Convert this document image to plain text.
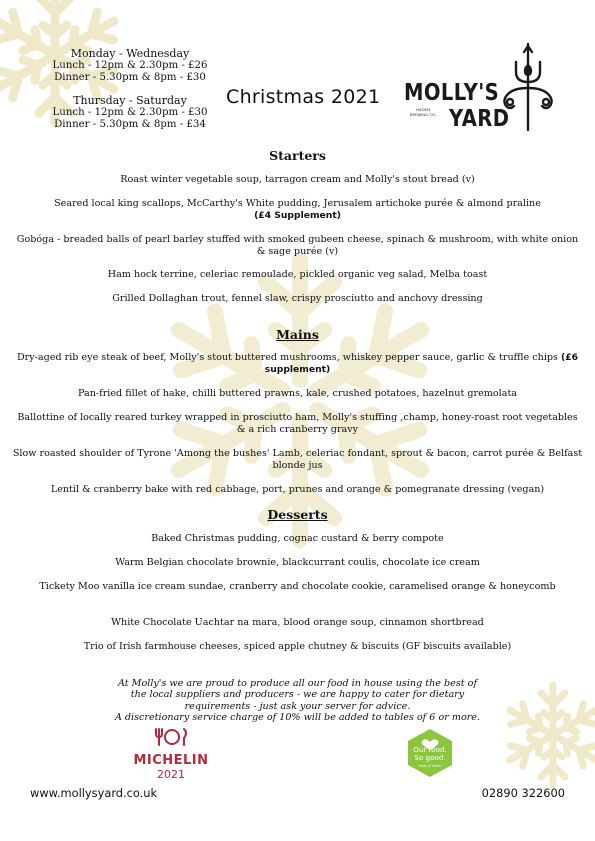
Monday - Wednesday
Lunch - 12pm & 2.30pm - £26
Dinner - 5.30pm & 8pm - £30
Thursday - Saturday
Lunch - 12pm & 2.30pm - £30
Dinner - 5.30pm & 8pm - £34
Christmas 2021 MOLLY'S
YARD
HILDEN BREWING CO.
Starters
Roast winter vegetable soup, tarragon cream and Molly's stout bread (v)
Seared local king scallops, McCarthy's White pudding, Jerusalem artichoke purée & almond praline
(£4 Supplement)
Gobóga - breaded balls of pearl barley stuffed with smoked gubeen cheese, spinach & mushroom, with white onion & sage purée (v)
Ham hock terrine, celeriac remoulade, pickled organic veg salad, Melba toast
Grilled Dollaghan trout, fennel slaw, crispy prosciutto and anchovy dressing
Mains
Dry-aged rib eye steak of beef, Molly's stout buttered mushrooms, whiskey pepper sauce, garlic & truffle chips (£6 supplement)
Pan-fried fillet of hake, chilli buttered prawns, kale, crushed potatoes, hazelnut gremolata
Ballottine of locally reared turkey wrapped in prosciutto ham, Molly's stuffing ,champ, honey-roast root vegetables & a rich cranberry gravy
Slow roasted shoulder of Tyrone 'Among the bushes' Lamb, celeriac fondant, sprout & bacon, carrot purée & Belfast blonde jus
Lentil & cranberry bake with red cabbage, port, prunes and orange & pomegranate dressing (vegan)
Desserts
Baked Christmas pudding, cognac custard & berry compote
Warm Belgian chocolate brownie, blackcurrant coulis, chocolate ice cream
Tickety Moo vanilla ice cream sundae, cranberry and chocolate cookie, caramelised orange & honeycomb
White Chocolate Uachtar na mara, blood orange soup, cinnamon shortbread
Trio of Irish farmhouse cheeses, spiced apple chutney & biscuits (GF biscuits available)
At Molly's we are proud to produce all our food in house using the best of
the local suppliers and producers - we are happy to cater for dietary
requirements - just ask your server for advice.
A discretionary service charge of 10% will be added to tables of 6 or more.
MICHELIN
2021
Our food.
So good.
Taste of Ulster
www.mollysyard.co.uk	02890 322600
